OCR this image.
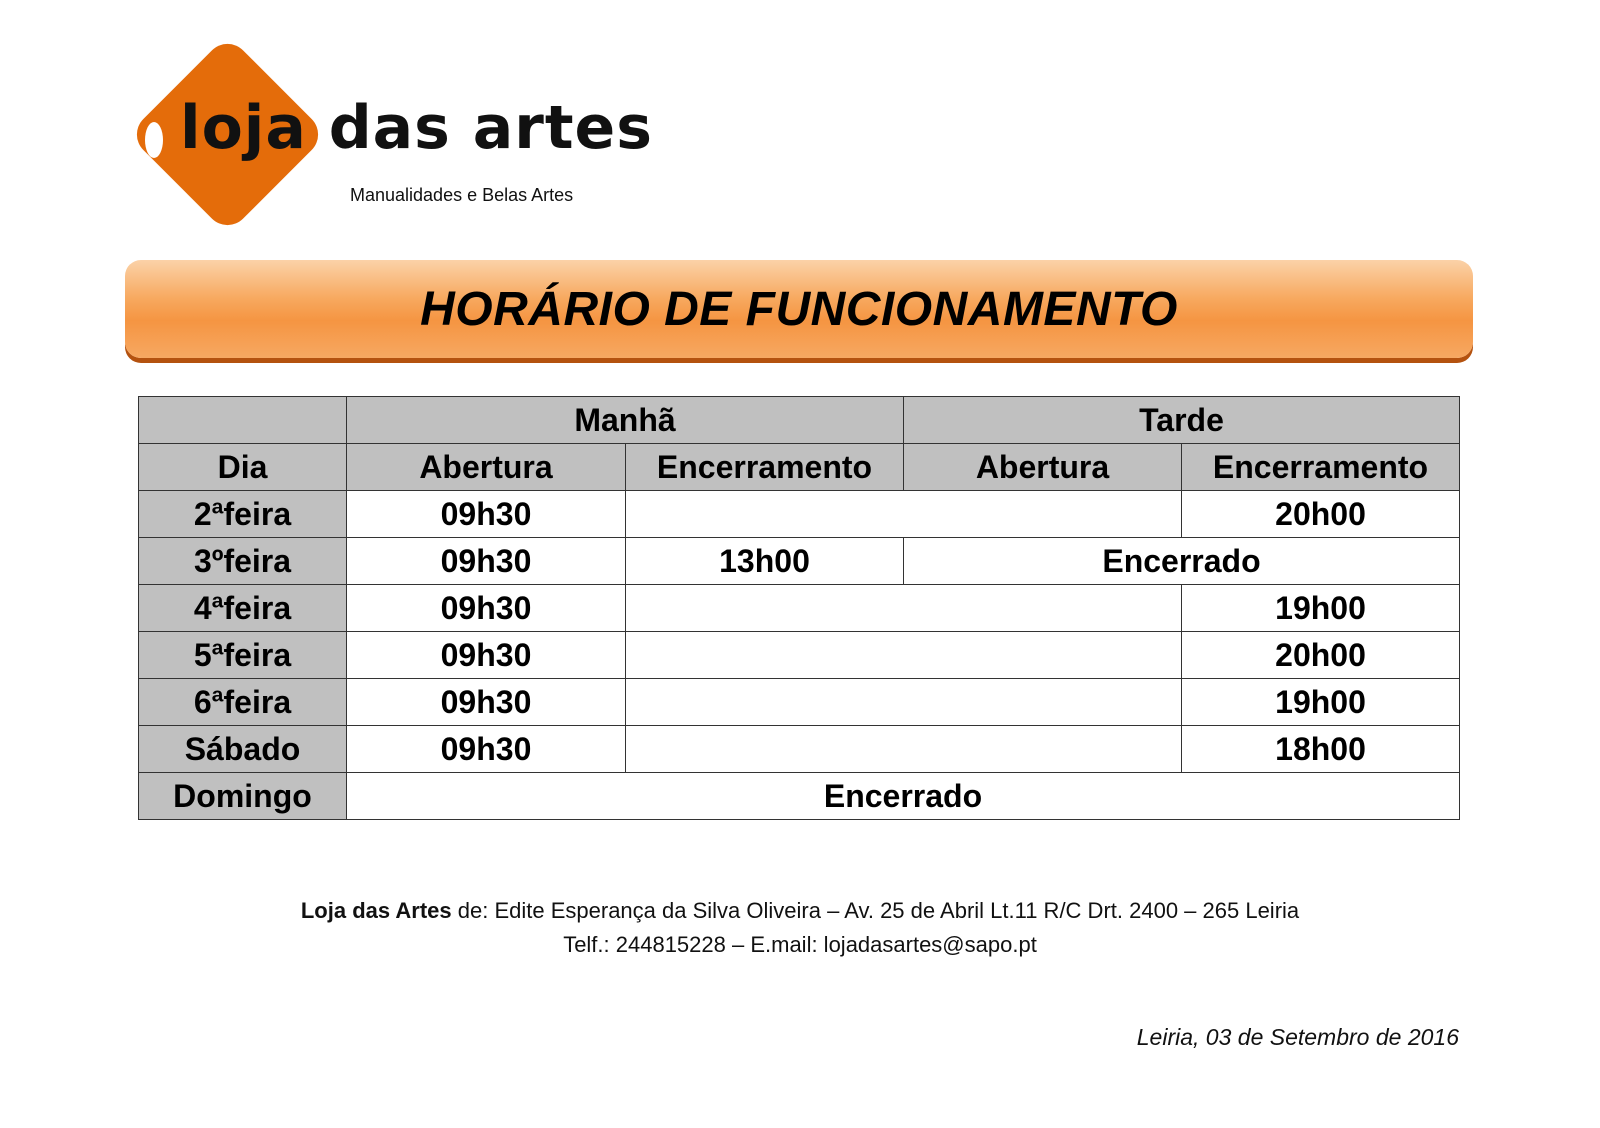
loja das artes
Manualidades e Belas Artes
HORÁRIO DE FUNCIONAMENTO
	Manhã		Tarde	
Dia	Abertura	Encerramento	Abertura	Encerramento
2ªfeira	09h30			20h00
3ºfeira	09h30	13h00	Encerrado	
4ªfeira	09h30			19h00
5ªfeira	09h30			20h00
6ªfeira	09h30			19h00
Sábado	09h30			18h00
Domingo	Encerrado			
Loja das Artes de: Edite Esperança da Silva Oliveira – Av. 25 de Abril Lt.11 R/C Drt. 2400 – 265 Leiria
Telf.: 244815228 – E.mail: lojadasartes@sapo.pt
Leiria, 03 de Setembro de 2016
